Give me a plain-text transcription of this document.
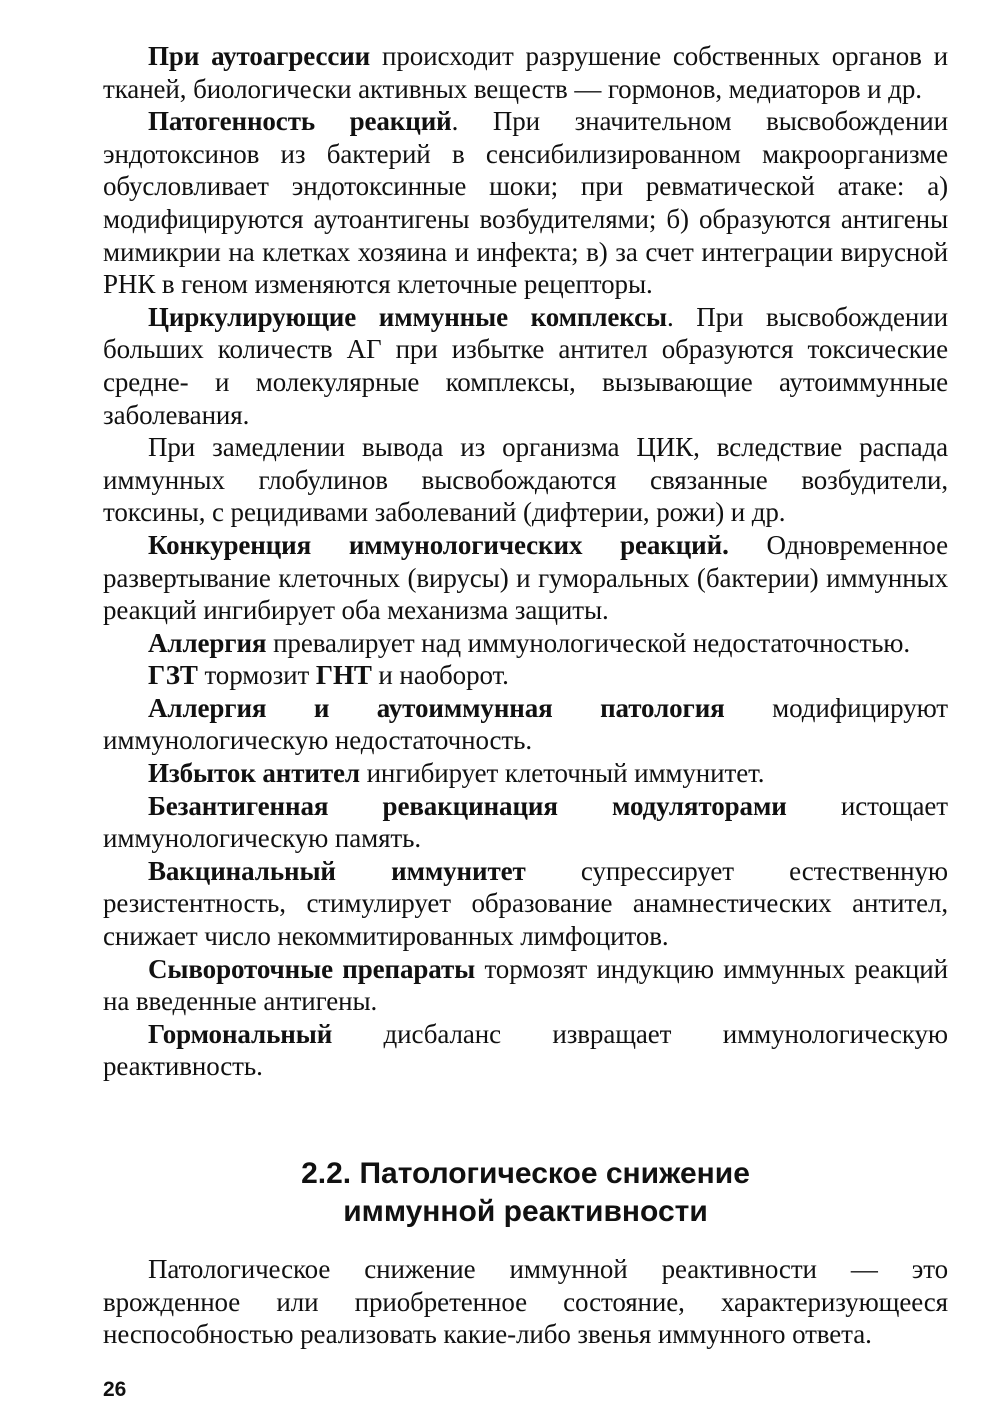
При аутоагрессии происходит разрушение собственных органов и тканей, биологически активных веществ — гормонов, медиаторов и др.

Патогенность реакций. При значительном высвобождении эндотоксинов из бактерий в сенсибилизированном макроорганизме обусловливает эндотоксинные шоки; при ревматической атаке: а) модифицируются аутоантигены возбудителями; б) образуются антигены мимикрии на клетках хозяина и инфекта; в) за счет интеграции вирусной РНК в геном изменяются клеточные рецепторы.

Циркулирующие иммунные комплексы. При высвобождении больших количеств АГ при избытке антител образуются токсические средне- и молекулярные комплексы, вызывающие аутоиммунные заболевания.

При замедлении вывода из организма ЦИК, вследствие распада иммунных глобулинов высвобождаются связанные возбудители, токсины, с рецидивами заболеваний (дифтерии, рожи) и др.

Конкуренция иммунологических реакций. Одновременное развертывание клеточных (вирусы) и гуморальных (бактерии) иммунных реакций ингибирует оба механизма защиты.

Аллергия превалирует над иммунологической недостаточностью.

ГЗТ тормозит ГНТ и наоборот.

Аллергия и аутоиммунная патология модифицируют иммунологическую недостаточность.

Избыток антител ингибирует клеточный иммунитет.

Безантигенная ревакцинация модуляторами истощает иммунологическую память.

Вакцинальный иммунитет супрессирует естественную резистентность, стимулирует образование анамнестических антител, снижает число некоммитированных лимфоцитов.

Сывороточные препараты тормозят индукцию иммунных реакций на введенные антигены.

Гормональный дисбаланс извращает иммунологическую реактивность.

2.2. Патологическое снижение
иммунной реактивности

Патологическое снижение иммунной реактивности — это врожденное или приобретенное состояние, характеризующееся неспособностью реализовать какие-либо звенья иммунного ответа.

26
